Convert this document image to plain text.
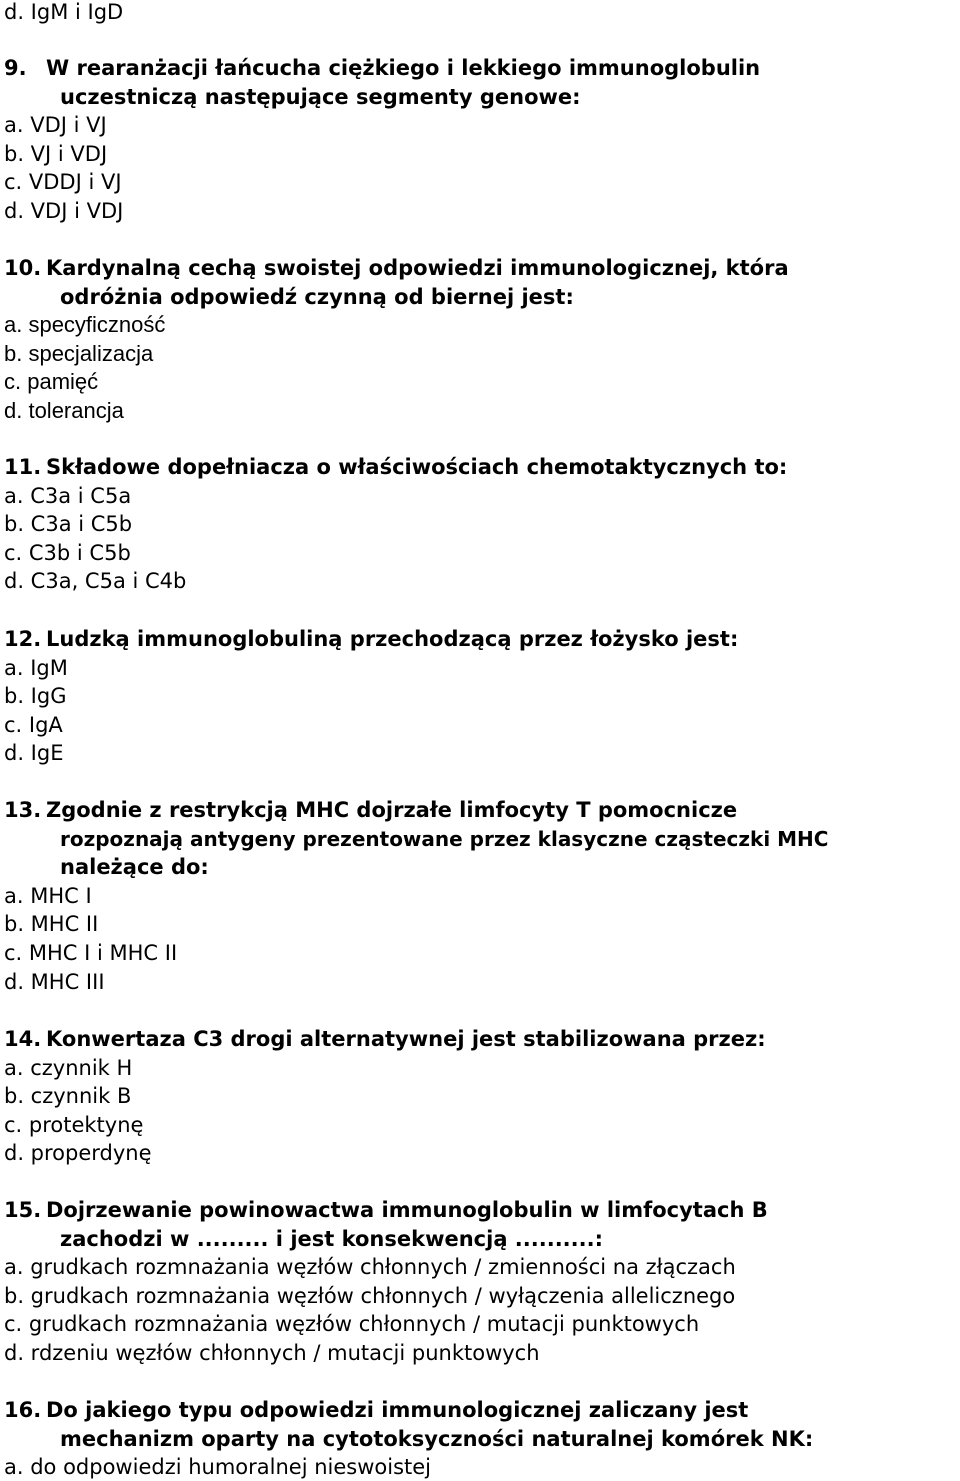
d. IgM i IgD
9. W rearanżacji łańcucha ciężkiego i lekkiego immunoglobulin
uczestniczą następujące segmenty genowe:
a. VDJ i VJ
b. VJ i VDJ
c. VDDJ i VJ
d. VDJ i VDJ
10. Kardynalną cechą swoistej odpowiedzi immunologicznej, która
odróżnia odpowiedź czynną od biernej jest:
a. specyficzność
b. specjalizacja
c. pamięć
d. tolerancja
11. Składowe dopełniacza o właściwościach chemotaktycznych to:
a. C3a i C5a
b. C3a i C5b
c. C3b i C5b
d. C3a, C5a i C4b
12. Ludzką immunoglobuliną przechodzącą przez łożysko jest:
a. IgM
b. IgG
c. IgA
d. IgE
13. Zgodnie z restrykcją MHC dojrzałe limfocyty T pomocnicze
rozpoznają antygeny prezentowane przez klasyczne cząsteczki MHC
należące do:
a. MHC I
b. MHC II
c. MHC I i MHC II
d. MHC III
14. Konwertaza C3 drogi alternatywnej jest stabilizowana przez:
a. czynnik H
b. czynnik B
c. protektynę
d. properdynę
15. Dojrzewanie powinowactwa immunoglobulin w limfocytach B
zachodzi w ......... i jest konsekwencją ..........:
a. grudkach rozmnażania węzłów chłonnych / zmienności na złączach
b. grudkach rozmnażania węzłów chłonnych / wyłączenia allelicznego
c. grudkach rozmnażania węzłów chłonnych / mutacji punktowych
d. rdzeniu węzłów chłonnych / mutacji punktowych
16. Do jakiego typu odpowiedzi immunologicznej zaliczany jest
mechanizm oparty na cytotoksyczności naturalnej komórek NK:
a. do odpowiedzi humoralnej nieswoistej
